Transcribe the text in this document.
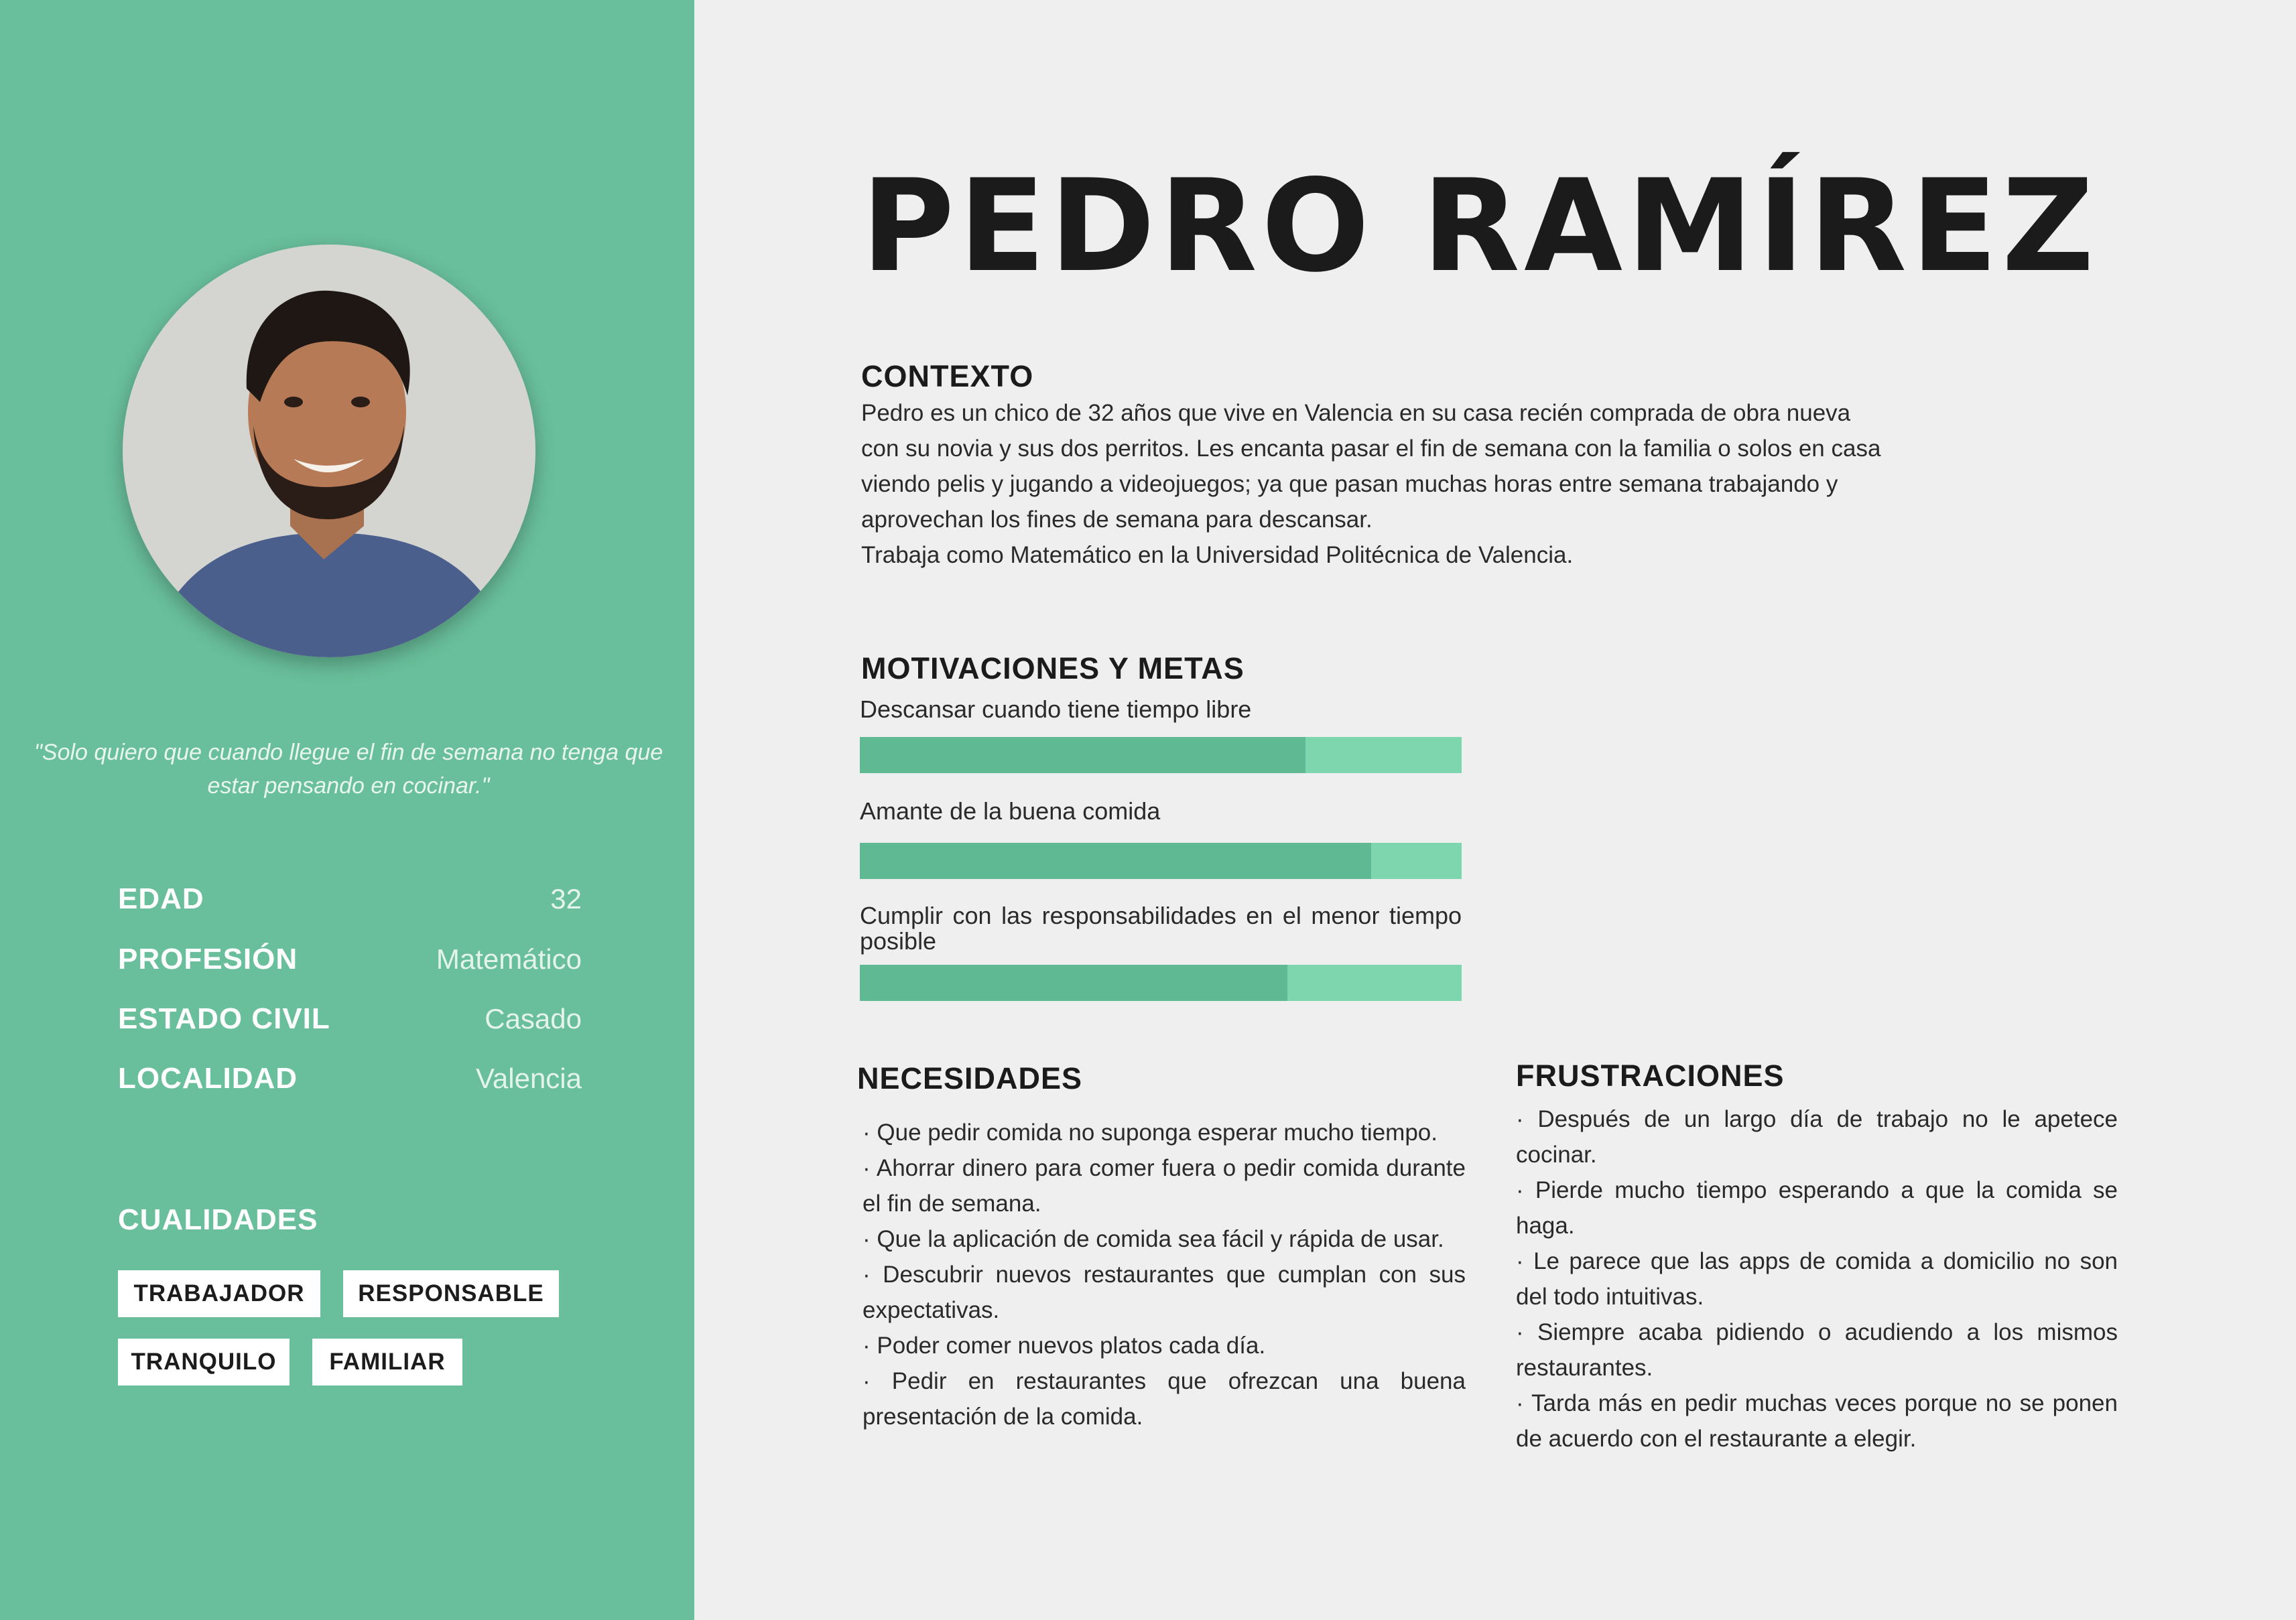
"Solo quiero que cuando llegue el fin de semana no tenga que estar pensando en cocinar."
EDAD	32
PROFESIÓN	Matemático
ESTADO CIVIL	Casado
LOCALIDAD	Valencia
CUALIDADES
TRABAJADOR	RESPONSABLE
TRANQUILO	FAMILIAR
PEDRO RAMÍREZ
CONTEXTO
Pedro es un chico de 32 años que vive en Valencia en su casa recién comprada de obra nueva
con su novia y sus dos perritos. Les encanta pasar el fin de semana con la familia o solos en casa
viendo pelis y jugando a videojuegos; ya que pasan muchas horas entre semana trabajando y
aprovechan los fines de semana para descansar.
Trabaja como Matemático en la Universidad Politécnica de Valencia.
MOTIVACIONES Y METAS
Descansar cuando tiene tiempo libre
Amante de la buena comida
Cumplir con las responsabilidades en el menor tiempo posible
NECESIDADES

· Que pedir comida no suponga esperar mucho tiempo.

· Ahorrar dinero para comer fuera o pedir comida durante el fin de semana.

· Que la aplicación de comida sea fácil y rápida de usar.

· Descubrir nuevos restaurantes que cumplan con sus expectativas.

· Poder comer nuevos platos cada día.

· Pedir en restaurantes que ofrezcan una buena presentación de la comida.

FRUSTRACIONES

· Después de un largo día de trabajo no le apetece cocinar.

· Pierde mucho tiempo esperando a que la comida se haga.

· Le parece que las apps de comida a domicilio no son del todo intuitivas.

· Siempre acaba pidiendo o acudiendo a los mismos restaurantes.

· Tarda más en pedir muchas veces porque no se ponen de acuerdo con el restaurante a elegir.
